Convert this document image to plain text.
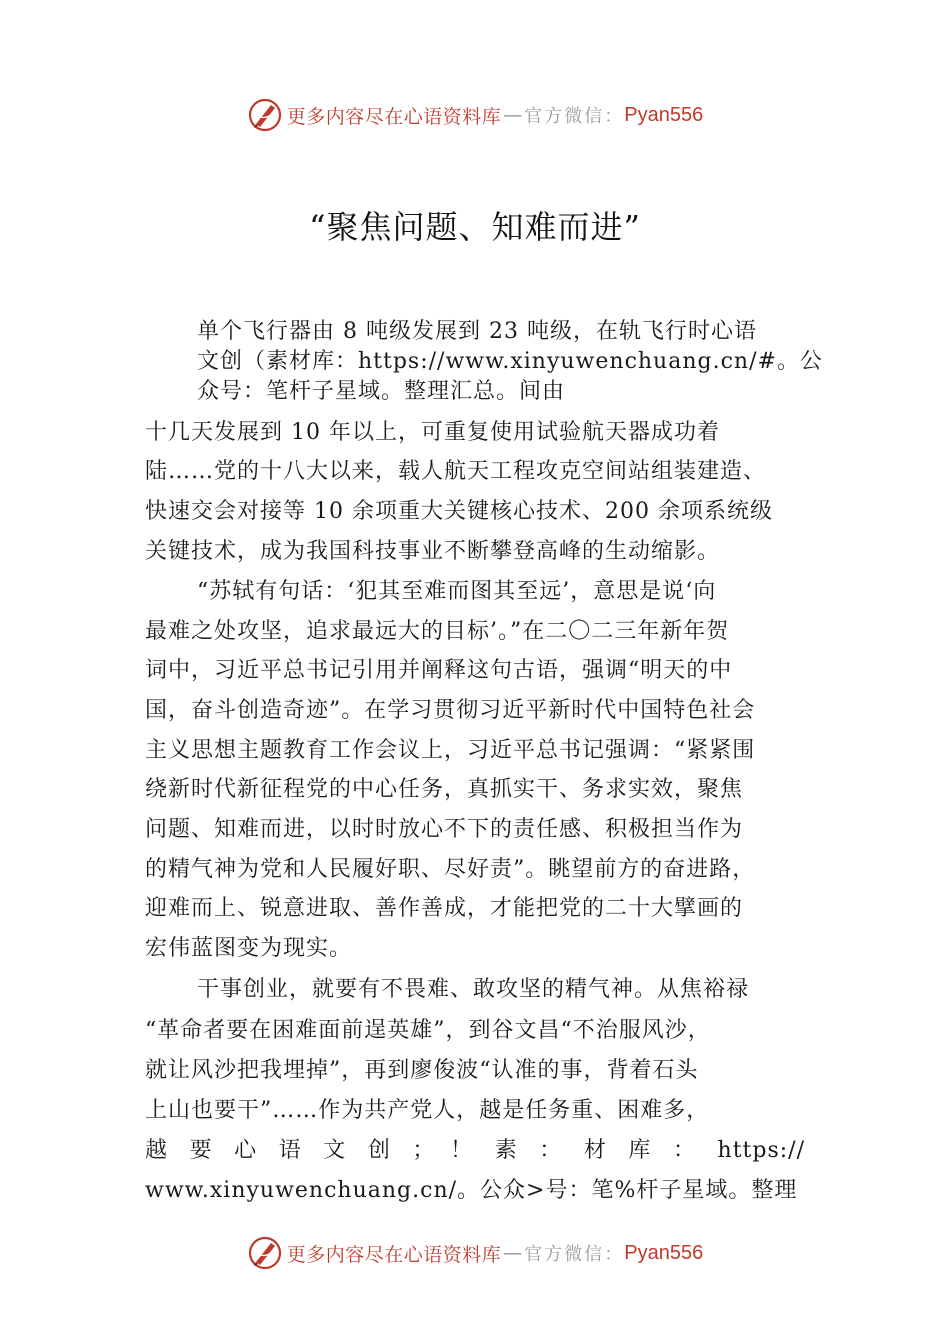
更多内容尽在心语资料库 — 官方微信： Pyan556
“聚焦问题、知难而进”
单个飞行器由 8 吨级发展到 23 吨级，在轨飞行时心语
文创（素材库：https://www.xinyuwenchuang.cn/#。公
众号：笔杆子星域。整理汇总。间由
十几天发展到 10 年以上，可重复使用试验航天器成功着
陆……党的十八大以来，载人航天工程攻克空间站组装建造、
快速交会对接等 10 余项重大关键核心技术、200 余项系统级
关键技术，成为我国科技事业不断攀登高峰的生动缩影。
“苏轼有句话：‘犯其至难而图其至远’，意思是说‘向
最难之处攻坚，追求最远大的目标’。”在二〇二三年新年贺
词中，习近平总书记引用并阐释这句古语，强调“明天的中
国，奋斗创造奇迹”。在学习贯彻习近平新时代中国特色社会
主义思想主题教育工作会议上，习近平总书记强调：“紧紧围
绕新时代新征程党的中心任务，真抓实干、务求实效，聚焦
问题、知难而进，以时时放心不下的责任感、积极担当作为
的精气神为党和人民履好职、尽好责”。眺望前方的奋进路，
迎难而上、锐意进取、善作善成，才能把党的二十大擘画的
宏伟蓝图变为现实。
干事创业，就要有不畏难、敢攻坚的精气神。从焦裕禄
“革命者要在困难面前逞英雄”，到谷文昌“不治服风沙，
就让风沙把我埋掉”，再到廖俊波“认准的事，背着石头
上山也要干”……作为共产党人，越是任务重、困难多，
越 要 心 语 文 创 ； ！ 素 ： 材 库 ： https://
www.xinyuwenchuang.cn/。公众>号：笔%杆子星域。整理
更多内容尽在心语资料库 — 官方微信： Pyan556
